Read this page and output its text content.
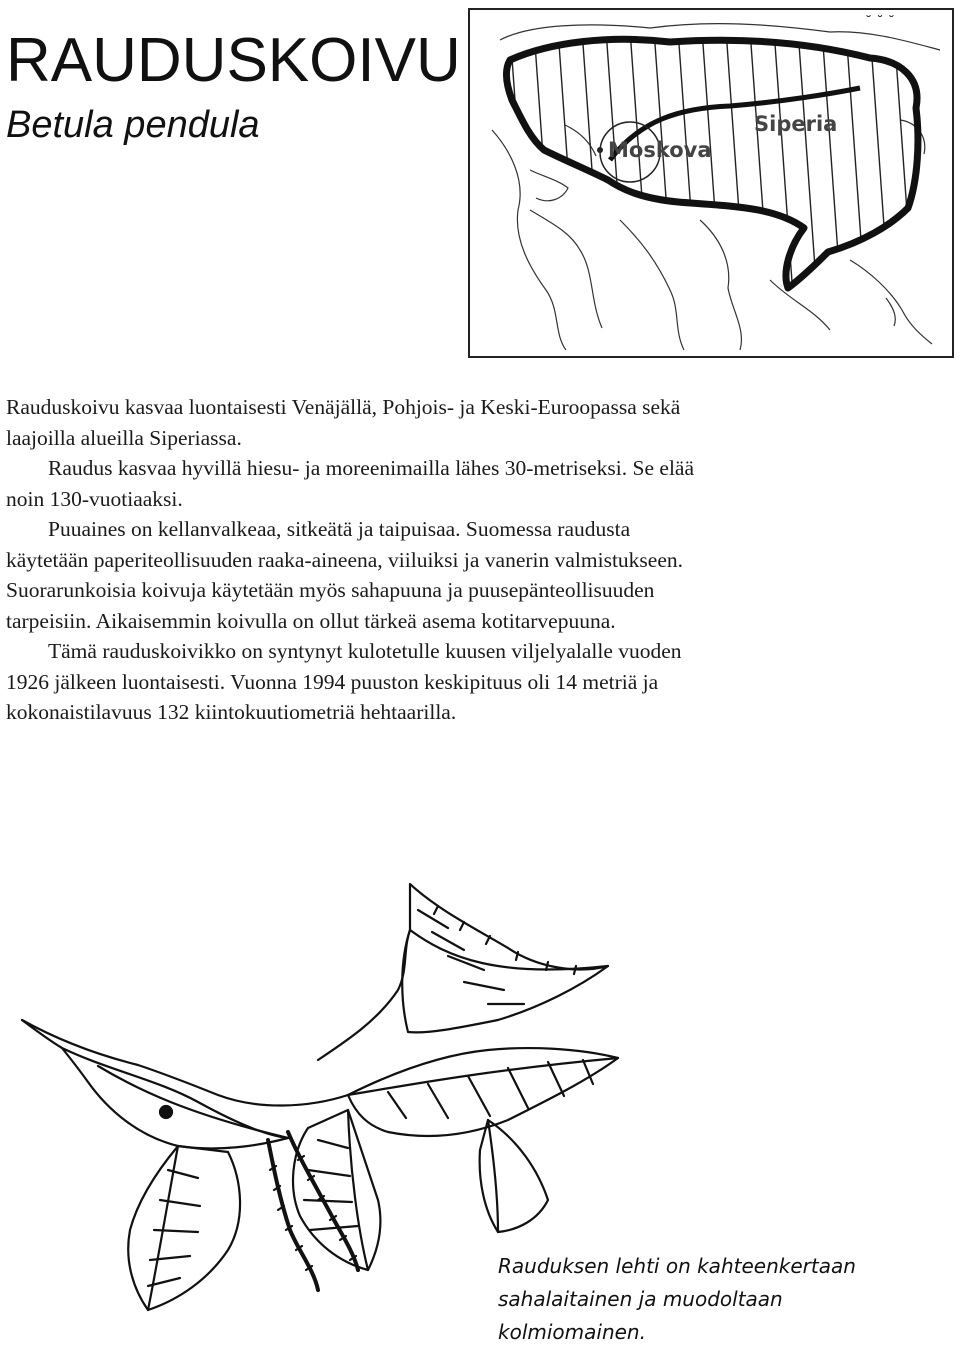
RAUDUSKOIVU
Betula pendula
˘ ˘ ˘
Moskova
Siperia

Rauduskoivu kasvaa luontaisesti Venäjällä, Pohjois- ja Keski-Euroopassa sekä laajoilla alueilla Siperiassa.

Raudus kasvaa hyvillä hiesu- ja moreenimailla lähes 30-metriseksi. Se elää noin 130-vuotiaaksi.

Puuaines on kellanvalkeaa, sitkeätä ja taipuisaa. Suomessa raudusta käytetään paperiteollisuuden raaka-aineena, viiluiksi ja vanerin valmistukseen. Suorarunkoisia koivuja käytetään myös sahapuuna ja puusepänteollisuuden tarpeisiin. Aikaisemmin koivulla on ollut tärkeä asema kotitarvepuuna.

Tämä rauduskoivikko on syntynyt kulotetulle kuusen viljelyalalle vuoden 1926 jälkeen luontaisesti. Vuonna 1994 puuston keskipituus oli 14 metriä ja kokonaistilavuus 132 kiintokuutiometriä hehtaarilla.

Rauduksen lehti on kahteenkertaan
sahalaitainen ja muodoltaan
kolmiomainen.
